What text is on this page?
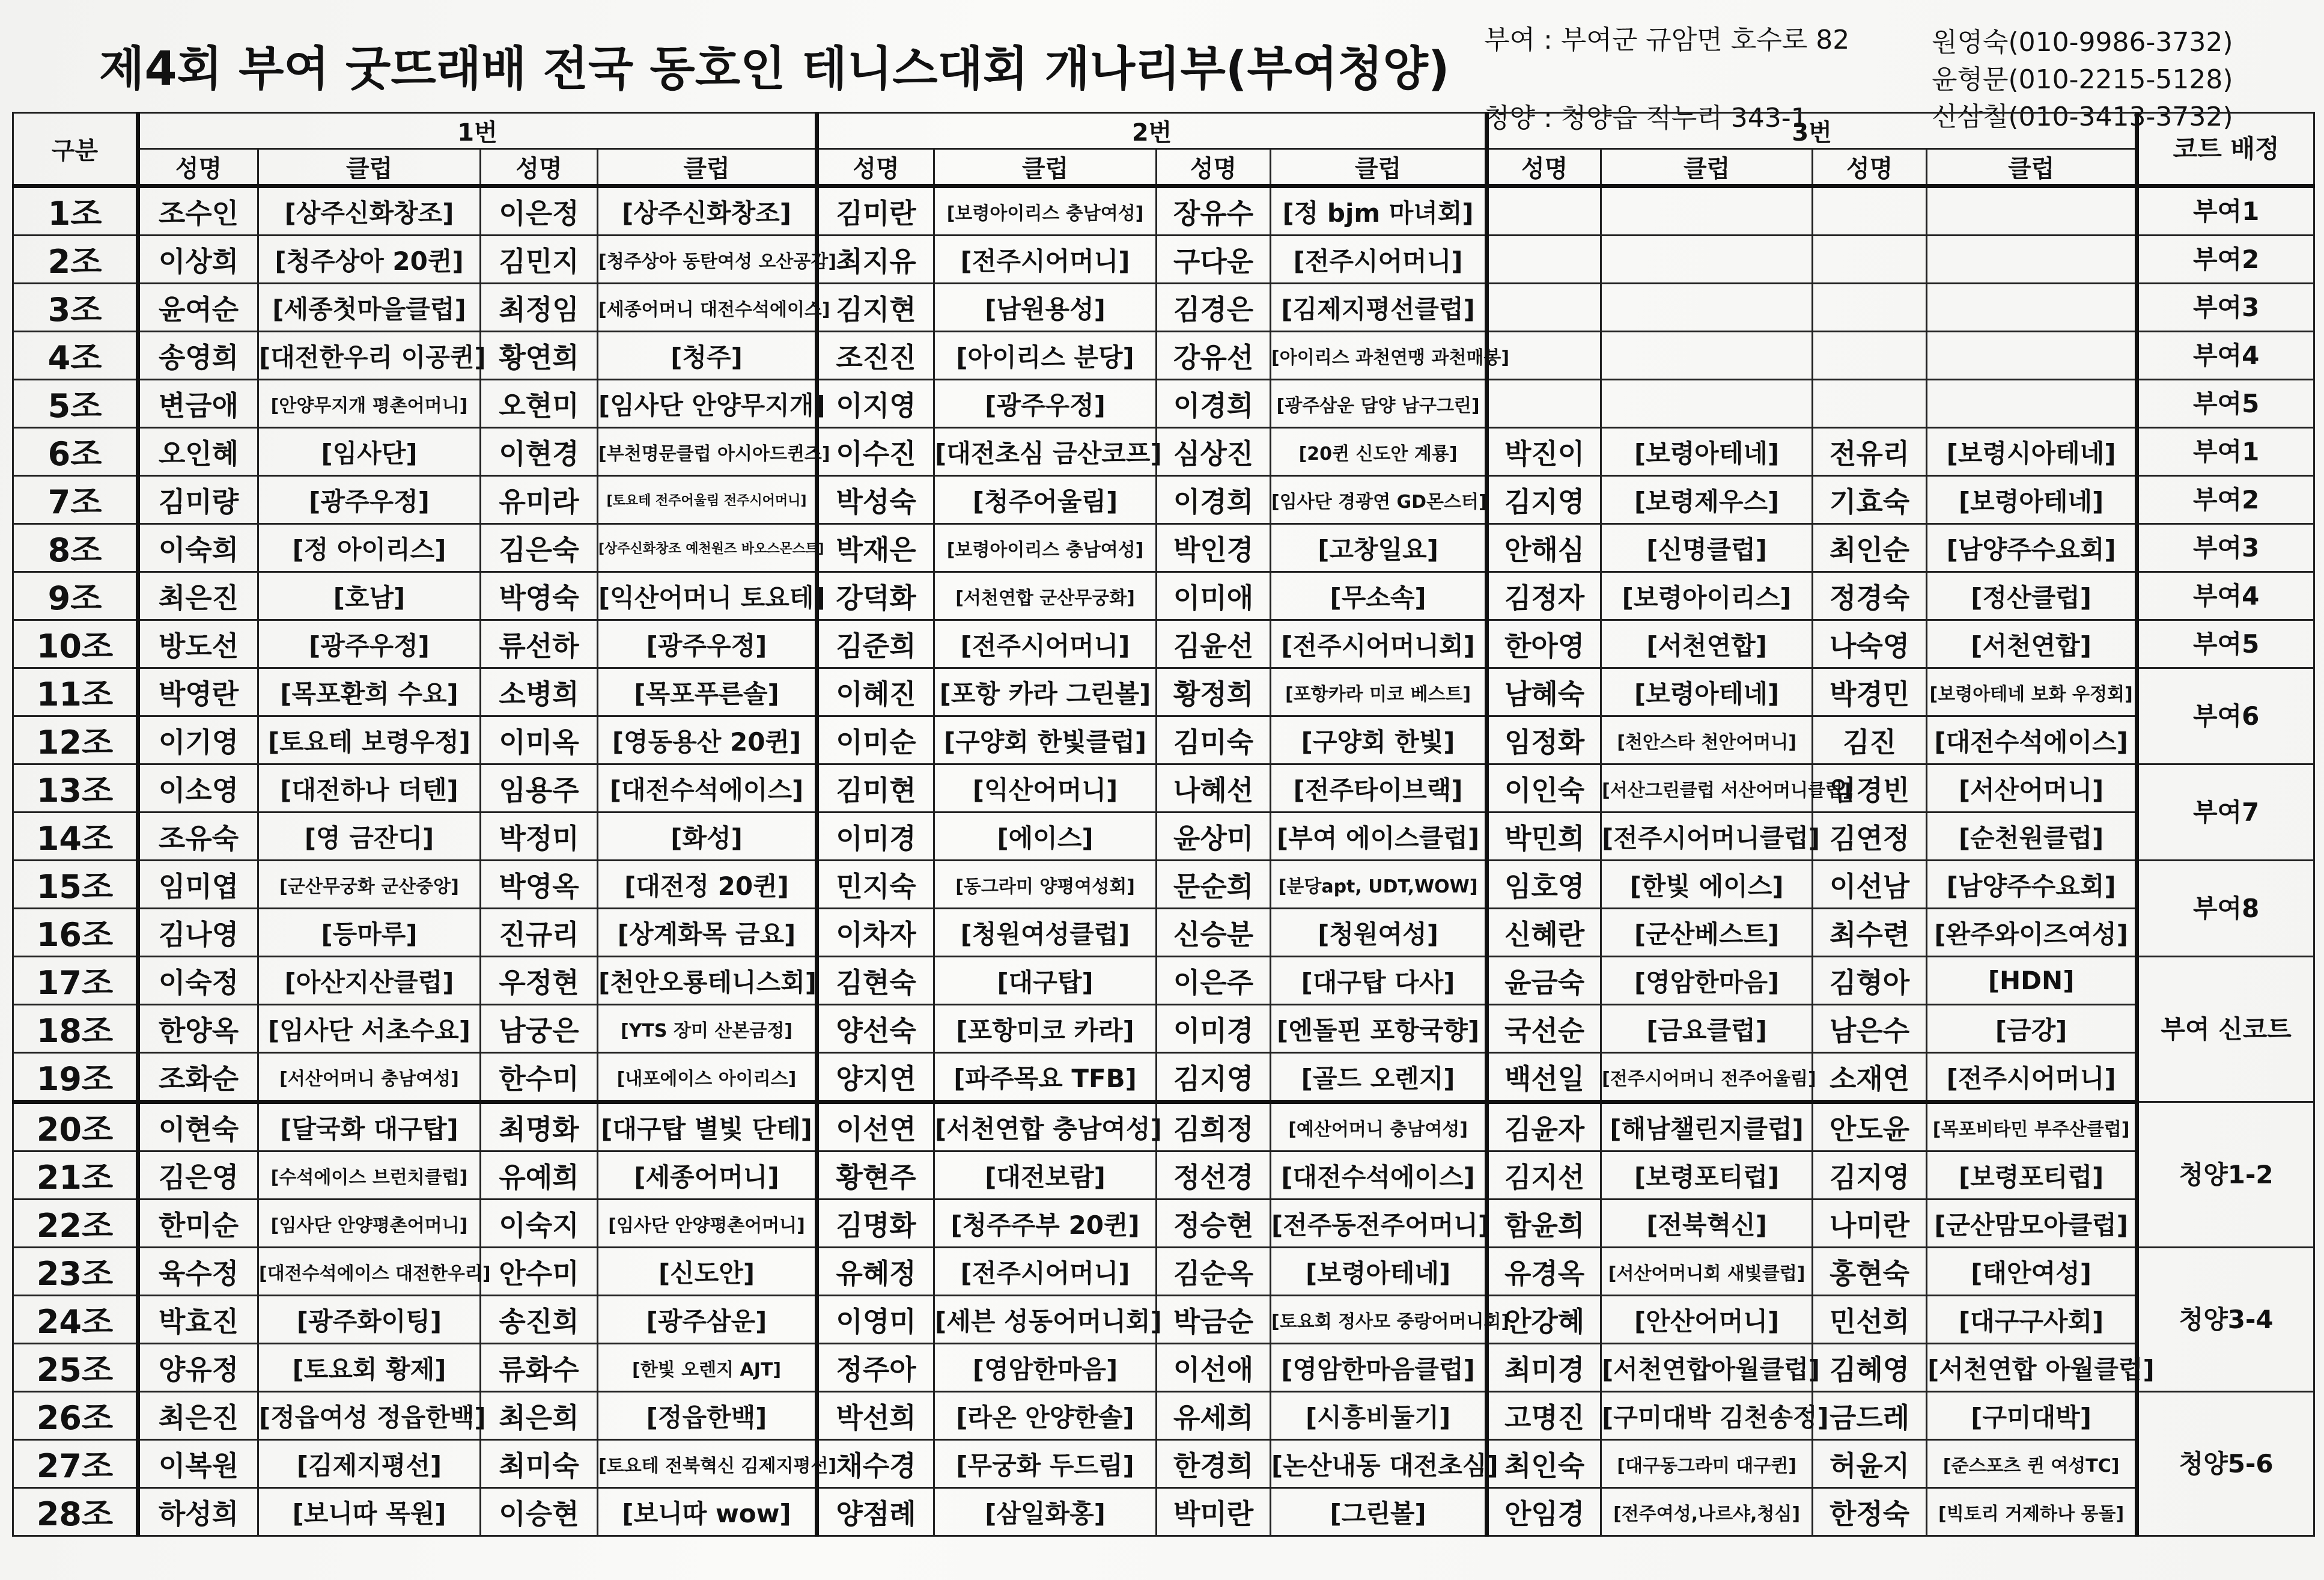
제4회 부여 굿뜨래배 전국 동호인 테니스대회 개나리부(부여청양)
부여 : 부여군 규암면 호수로 82
청양 : 청양읍 적누리 343-1
원영숙(010-9986-3732)
윤형문(010-2215-5128)
신삼철(010-3413-3732)
구분	1번				2번				3번				코트 배정
	성명	클럽	성명	클럽	성명	클럽	성명	클럽	성명	클럽	성명	클럽	
1조	조수인	[상주신화창조]	이은정	[상주신화창조]	김미란	[보령아이리스 충남여성]	장유수	[정 bjm 마녀회]					부여1
2조	이상희	[청주상아 20퀸]	김민지	[청주상아 동탄여성 오산공감]	최지유	[전주시어머니]	구다운	[전주시어머니]					부여2
3조	윤여순	[세종첫마을클럽]	최정임	[세종어머니 대전수석에이스]	김지현	[남원용성]	김경은	[김제지평선클럽]					부여3
4조	송영희	[대전한우리 이공퀸]	황연희	[청주]	조진진	[아이리스 분당]	강유선	[아이리스 과천연맹 과천매봉]					부여4
5조	변금애	[안양무지개 평촌어머니]	오현미	[임사단 안양무지개]	이지영	[광주우정]	이경희	[광주삼운 담양 남구그린]					부여5
6조	오인혜	[임사단]	이현경	[부천명문클럽 아시아드퀸즈]	이수진	[대전초심 금산코프]	심상진	[20퀸 신도안 계룡]	박진이	[보령아테네]	전유리	[보령시아테네]	부여1
7조	김미량	[광주우정]	유미라	[토요테 전주어울림 전주시어머니]	박성숙	[청주어울림]	이경희	[임사단 경광연 GD몬스터]	김지영	[보령제우스]	기효숙	[보령아테네]	부여2
8조	이숙희	[정 아이리스]	김은숙	[상주신화창조 예천원즈 바오스몬스트]	박재은	[보령아이리스 충남여성]	박인경	[고창일요]	안해심	[신명클럽]	최인순	[남양주수요회]	부여3
9조	최은진	[호남]	박영숙	[익산어머니 토요테]	강덕화	[서천연합 군산무궁화]	이미애	[무소속]	김정자	[보령아이리스]	정경숙	[정산클럽]	부여4
10조	방도선	[광주우정]	류선하	[광주우정]	김준희	[전주시어머니]	김윤선	[전주시어머니회]	한아영	[서천연합]	나숙영	[서천연합]	부여5
11조	박영란	[목포환희 수요]	소병희	[목포푸른솔]	이혜진	[포항 카라 그린볼]	황정희	[포항카라 미코 베스트]	남혜숙	[보령아테네]	박경민	[보령아테네 보화 우정회]	부여6
12조	이기영	[토요테 보령우정]	이미옥	[영동용산 20퀸]	이미순	[구양회 한빛클럽]	김미숙	[구양회 한빛]	임정화	[천안스타 천안어머니]	김진	[대전수석에이스]	
13조	이소영	[대전하나 더텐]	임용주	[대전수석에이스]	김미현	[익산어머니]	나혜선	[전주타이브랙]	이인숙	[서산그린클럽 서산어머니클럽]	임경빈	[서산어머니]	부여7
14조	조유숙	[영 금잔디]	박정미	[화성]	이미경	[에이스]	윤상미	[부여 에이스클럽]	박민희	[전주시어머니클럽]	김연정	[순천원클럽]	
15조	임미엽	[군산무궁화 군산중앙]	박영옥	[대전정 20퀸]	민지숙	[동그라미 양평여성회]	문순희	[분당apt, UDT,WOW]	임호영	[한빛 에이스]	이선남	[남양주수요회]	부여8
16조	김나영	[등마루]	진규리	[상계화목 금요]	이차자	[청원여성클럽]	신승분	[청원여성]	신혜란	[군산베스트]	최수련	[완주와이즈여성]	
17조	이숙정	[아산지산클럽]	우정현	[천안오룡테니스회]	김현숙	[대구탑]	이은주	[대구탑 다사]	윤금숙	[영암한마음]	김형아	[HDN]	부여 신코트
18조	한양옥	[임사단 서초수요]	남궁은	[YTS 장미 산본금정]	양선숙	[포항미코 카라]	이미경	[엔돌핀 포항국향]	국선순	[금요클럽]	남은수	[금강]	
19조	조화순	[서산어머니 충남여성]	한수미	[내포에이스 아이리스]	양지연	[파주목요 TFB]	김지영	[골드 오렌지]	백선일	[전주시어머니 전주어울림]	소재연	[전주시어머니]	
20조	이현숙	[달국화 대구탑]	최명화	[대구탑 별빛 단테]	이선연	[서천연합 충남여성]	김희정	[예산어머니 충남여성]	김윤자	[해남챌린지클럽]	안도윤	[목포비타민 부주산클럽]	청양1-2
21조	김은영	[수석에이스 브런치클럽]	유예희	[세종어머니]	황현주	[대전보람]	정선경	[대전수석에이스]	김지선	[보령포티럽]	김지영	[보령포티럽]	
22조	한미순	[임사단 안양평촌어머니]	이숙지	[임사단 안양평촌어머니]	김명화	[청주주부 20퀸]	정승현	[전주동전주어머니]	함윤희	[전북혁신]	나미란	[군산맘모아클럽]	
23조	육수정	[대전수석에이스 대전한우리]	안수미	[신도안]	유혜정	[전주시어머니]	김순옥	[보령아테네]	유경옥	[서산어머니회 새빛클럽]	홍현숙	[태안여성]	청양3-4
24조	박효진	[광주화이팅]	송진희	[광주삼운]	이영미	[세븐 성동어머니회]	박금순	[토요회 정사모 중랑어머니회]	안강혜	[안산어머니]	민선희	[대구구사회]	
25조	양유정	[토요회 황제]	류화수	[한빛 오렌지 AJT]	정주아	[영암한마음]	이선애	[영암한마음클럽]	최미경	[서천연합아월클럽]	김혜영	[서천연합 아월클럽]	
26조	최은진	[정읍여성 정읍한백]	최은희	[정읍한백]	박선희	[라온 안양한솔]	유세희	[시흥비둘기]	고명진	[구미대박 김천송정]	금드레	[구미대박]	청양5-6
27조	이복원	[김제지평선]	최미숙	[토요테 전북혁신 김제지평선]	채수경	[무궁화 두드림]	한경희	[논산내동 대전초심]	최인숙	[대구동그라미 대구퀸]	허윤지	[준스포츠 퀸 여성TC]	
28조	하성희	[보니따 목원]	이승현	[보니따 wow]	양점례	[삼일화홍]	박미란	[그린볼]	안임경	[전주여성,나르샤,청심]	한정숙	[빅토리 거제하나 몽돌]	
